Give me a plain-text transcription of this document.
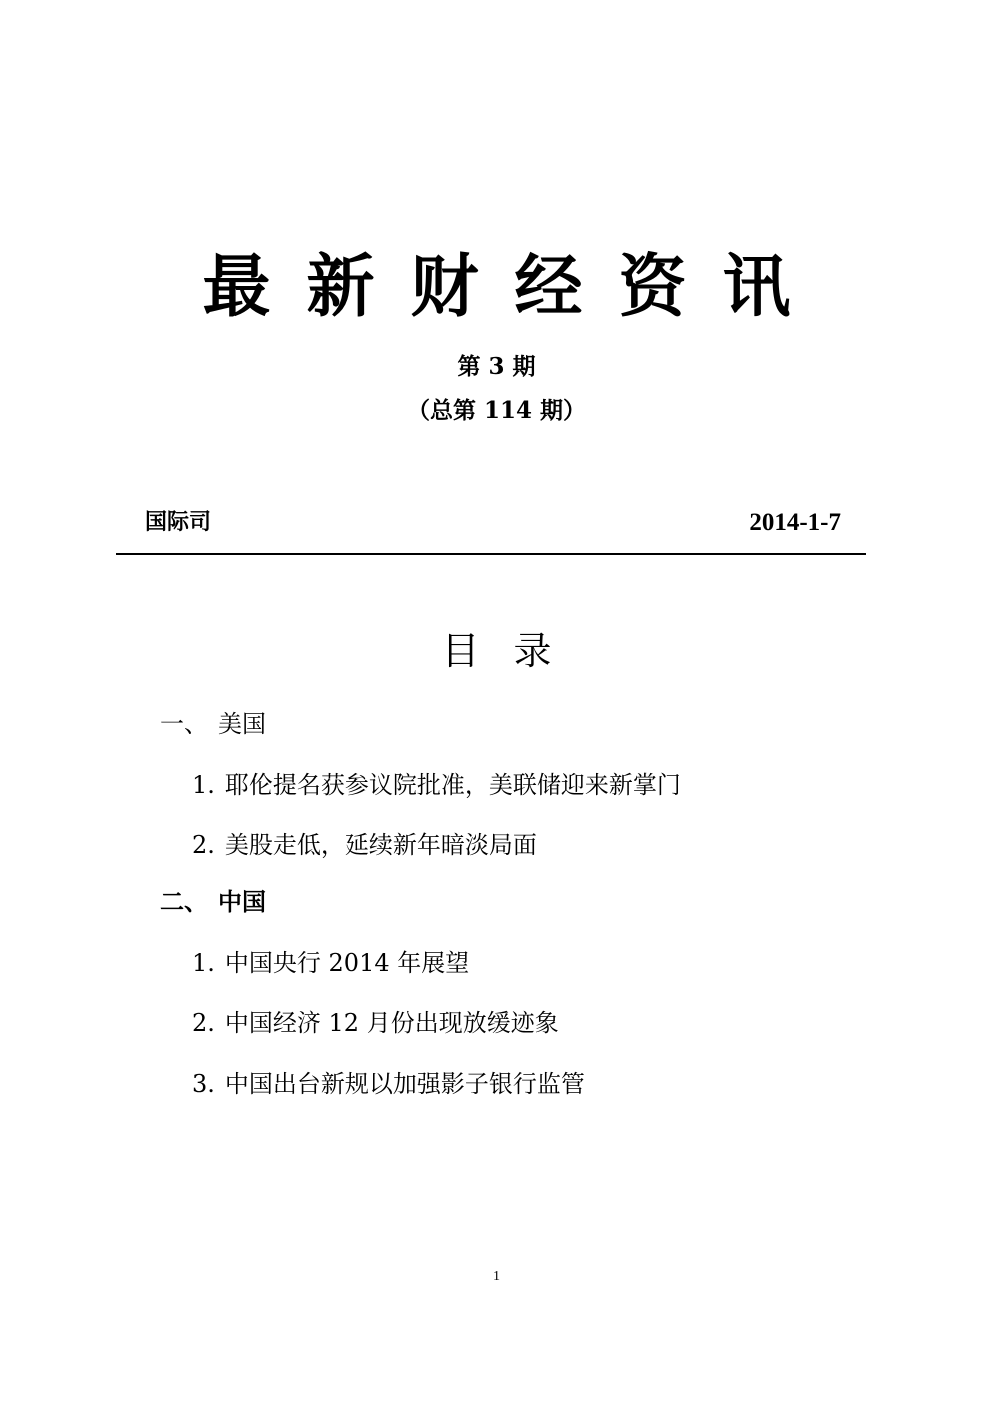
最新财经资讯
第 3 期
（总第 114 期）
国际司	2014-1-7
目录
一、 美国
1. 耶伦提名获参议院批准，美联储迎来新掌门
2. 美股走低，延续新年暗淡局面
二、 中国
1. 中国央行 2014 年展望
2. 中国经济 12 月份出现放缓迹象
3. 中国出台新规以加强影子银行监管
1
